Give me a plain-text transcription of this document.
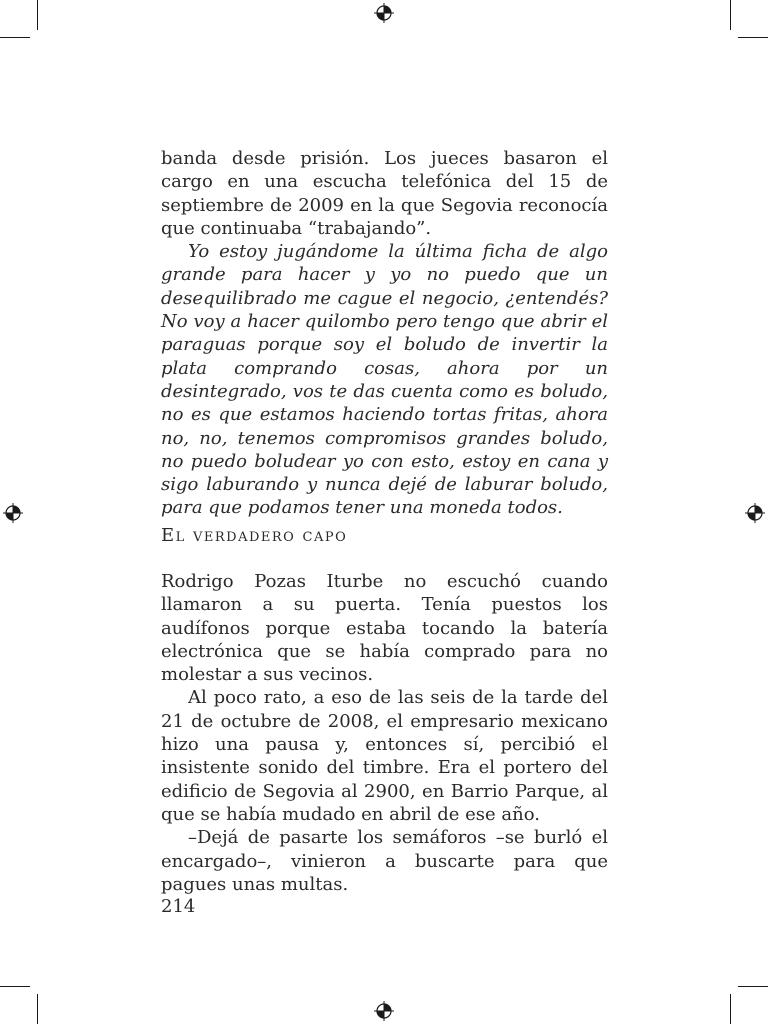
banda desde prisión. Los jueces basaron el cargo en una escucha telefónica del 15 de septiembre de 2009 en la que Segovia reconocía que continuaba “trabajando”.

Yo estoy jugándome la última ficha de algo grande para hacer y yo no puedo que un desequilibrado me cague el negocio, ¿entendés? No voy a hacer quilombo pero tengo que abrir el paraguas porque soy el boludo de invertir la plata comprando cosas, ahora por un desintegrado, vos te das cuenta como es boludo, no es que estamos haciendo tortas fritas, ahora no, no, tenemos compromisos grandes boludo, no puedo boludear yo con esto, estoy en cana y sigo laburando y nunca dejé de laburar boludo, para que podamos tener una moneda todos.

El verdadero capo

Rodrigo Pozas Iturbe no escuchó cuando llamaron a su puerta. Tenía puestos los audífonos porque estaba tocando la batería electrónica que se había comprado para no molestar a sus vecinos.

Al poco rato, a eso de las seis de la tarde del 21 de octubre de 2008, el empresario mexicano hizo una pausa y, entonces sí, percibió el insistente sonido del timbre. Era el portero del edificio de Segovia al 2900, en Barrio Parque, al que se había mudado en abril de ese año.

–Dejá de pasarte los semáforos –se burló el encargado–, vinieron a buscarte para que pagues unas multas.

214
